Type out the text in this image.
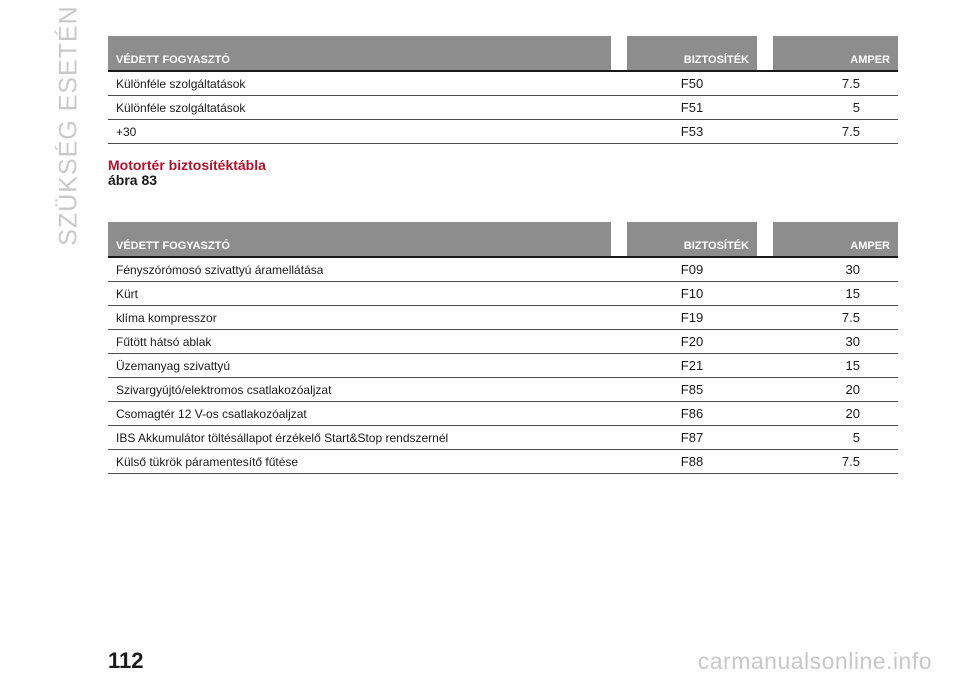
SZÜKSÉG ESETÉN	VÉDETT FOGYASZTÓ		BIZTOSÍTÉK		AMPER
Különféle szolgáltatások		F50		7.5
Különféle szolgáltatások		F51		5
+30		F53		7.5
Motortér biztosítéktábla
ábra 83
VÉDETT FOGYASZTÓ		BIZTOSÍTÉK		AMPER
Fényszórómosó szivattyú áramellátása		F09		30
Kürt		F10		15
klíma kompresszor		F19		7.5
Fűtött hátsó ablak		F20		30
Üzemanyag szivattyú		F21		15
Szivargyújtó/elektromos csatlakozóaljzat		F85		20
Csomagtér 12 V-os csatlakozóaljzat		F86		20
IBS Akkumulátor töltésállapot érzékelő Start&Stop rendszernél		F87		5
Külső tükrök páramentesítő fűtése		F88		7.5
112	carmanualsonline.info
